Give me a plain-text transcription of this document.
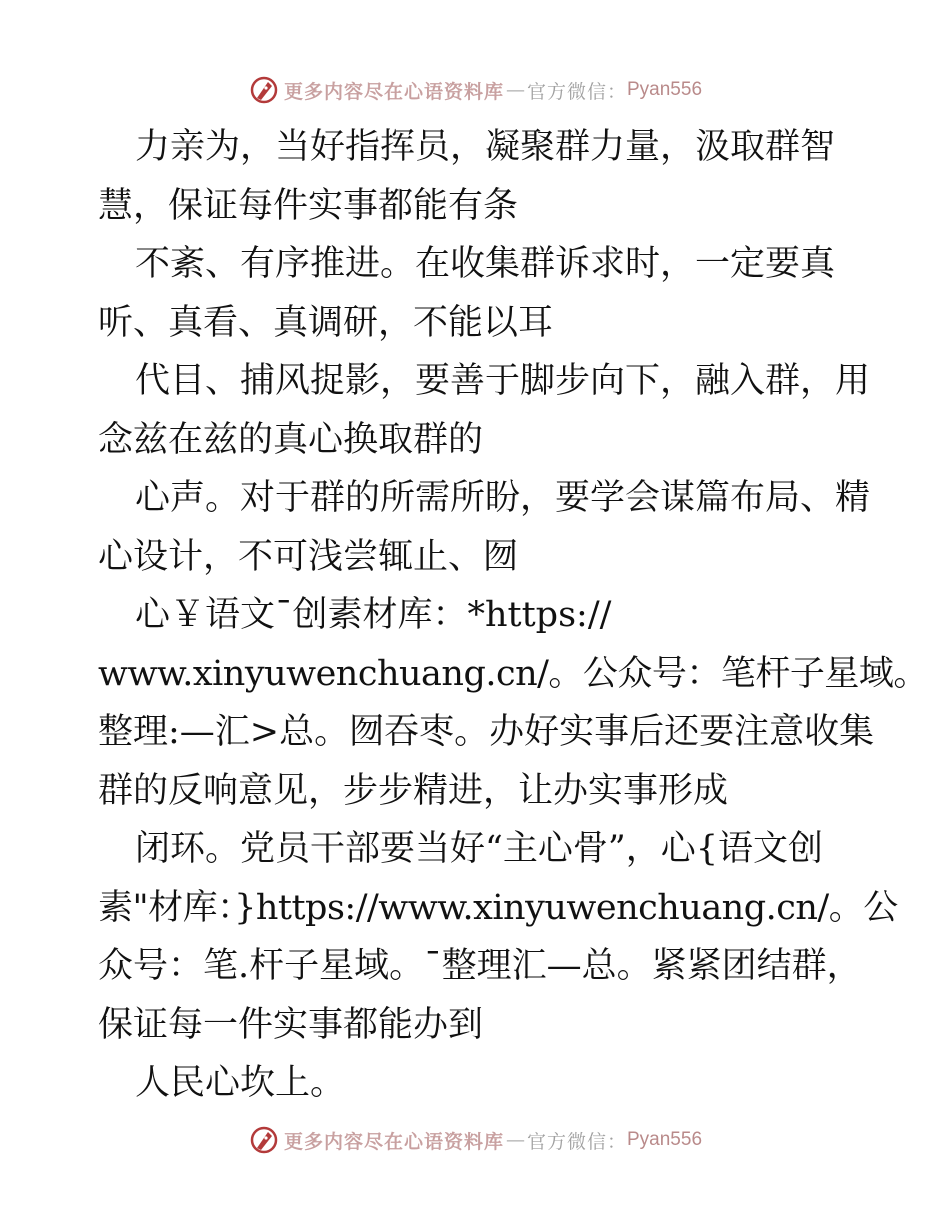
更多内容尽在心语资料库 — 官方微信： Pyan556
力亲为，当好指挥员，凝聚群力量，汲取群智
慧，保证每件实事都能有条
不紊、有序推进。在收集群诉求时，一定要真
听、真看、真调研，不能以耳
代目、捕风捉影，要善于脚步向下，融入群，用
念兹在兹的真心换取群的
心声。对于群的所需所盼，要学会谋篇布局、精
心设计，不可浅尝辄止、囫
心￥语文¯创素材库：*https://
www.xinyuwenchuang.cn/。公众号：笔杆子星域。
整理:—汇>总。囫吞枣。办好实事后还要注意收集
群的反响意见，步步精进，让办实事形成
闭环。党员干部要当好“主心骨”，心{语文创
素"材库：}https://www.xinyuwenchuang.cn/。公
众号：笔.杆子星域。¯整理汇—总。紧紧团结群，
保证每一件实事都能办到
人民心坎上。
更多内容尽在心语资料库 — 官方微信： Pyan556
